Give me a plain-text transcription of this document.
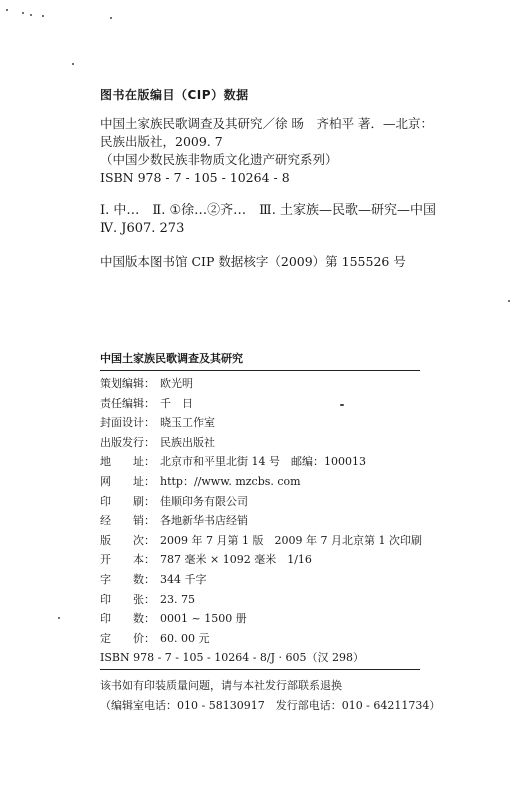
图书在版编目（CIP）数据
中国土家族民歌调查及其研究／徐 旸　齐柏平 著．—北京：
民族出版社，2009. 7
（中国少数民族非物质文化遗产研究系列）
ISBN 978 - 7 - 105 - 10264 - 8
Ⅰ. 中…　Ⅱ. ①徐…②齐…　Ⅲ. 土家族—民歌—研究—中国
Ⅳ. J607. 273
中国版本图书馆 CIP 数据核字（2009）第 155526 号
中国土家族民歌调查及其研究
策划编辑： 欧光明
责任编辑： 千　日
封面设计： 晓玉工作室
出版发行： 民族出版社
地　　址： 北京市和平里北街 14 号　邮编：100013
网　　址： http：//www. mzcbs. com
印　　刷： 佳顺印务有限公司
经　　销： 各地新华书店经销
版　　次： 2009 年 7 月第 1 版　2009 年 7 月北京第 1 次印刷
开　　本： 787 毫米 × 1092 毫米　1/16
字　　数： 344 千字
印　　张： 23. 75
印　　数： 0001 ~ 1500 册
定　　价： 60. 00 元
ISBN 978 - 7 - 105 - 10264 - 8/J · 605（汉 298）
该书如有印装质量问题，请与本社发行部联系退换
（编辑室电话：010 - 58130917　发行部电话：010 - 64211734）
